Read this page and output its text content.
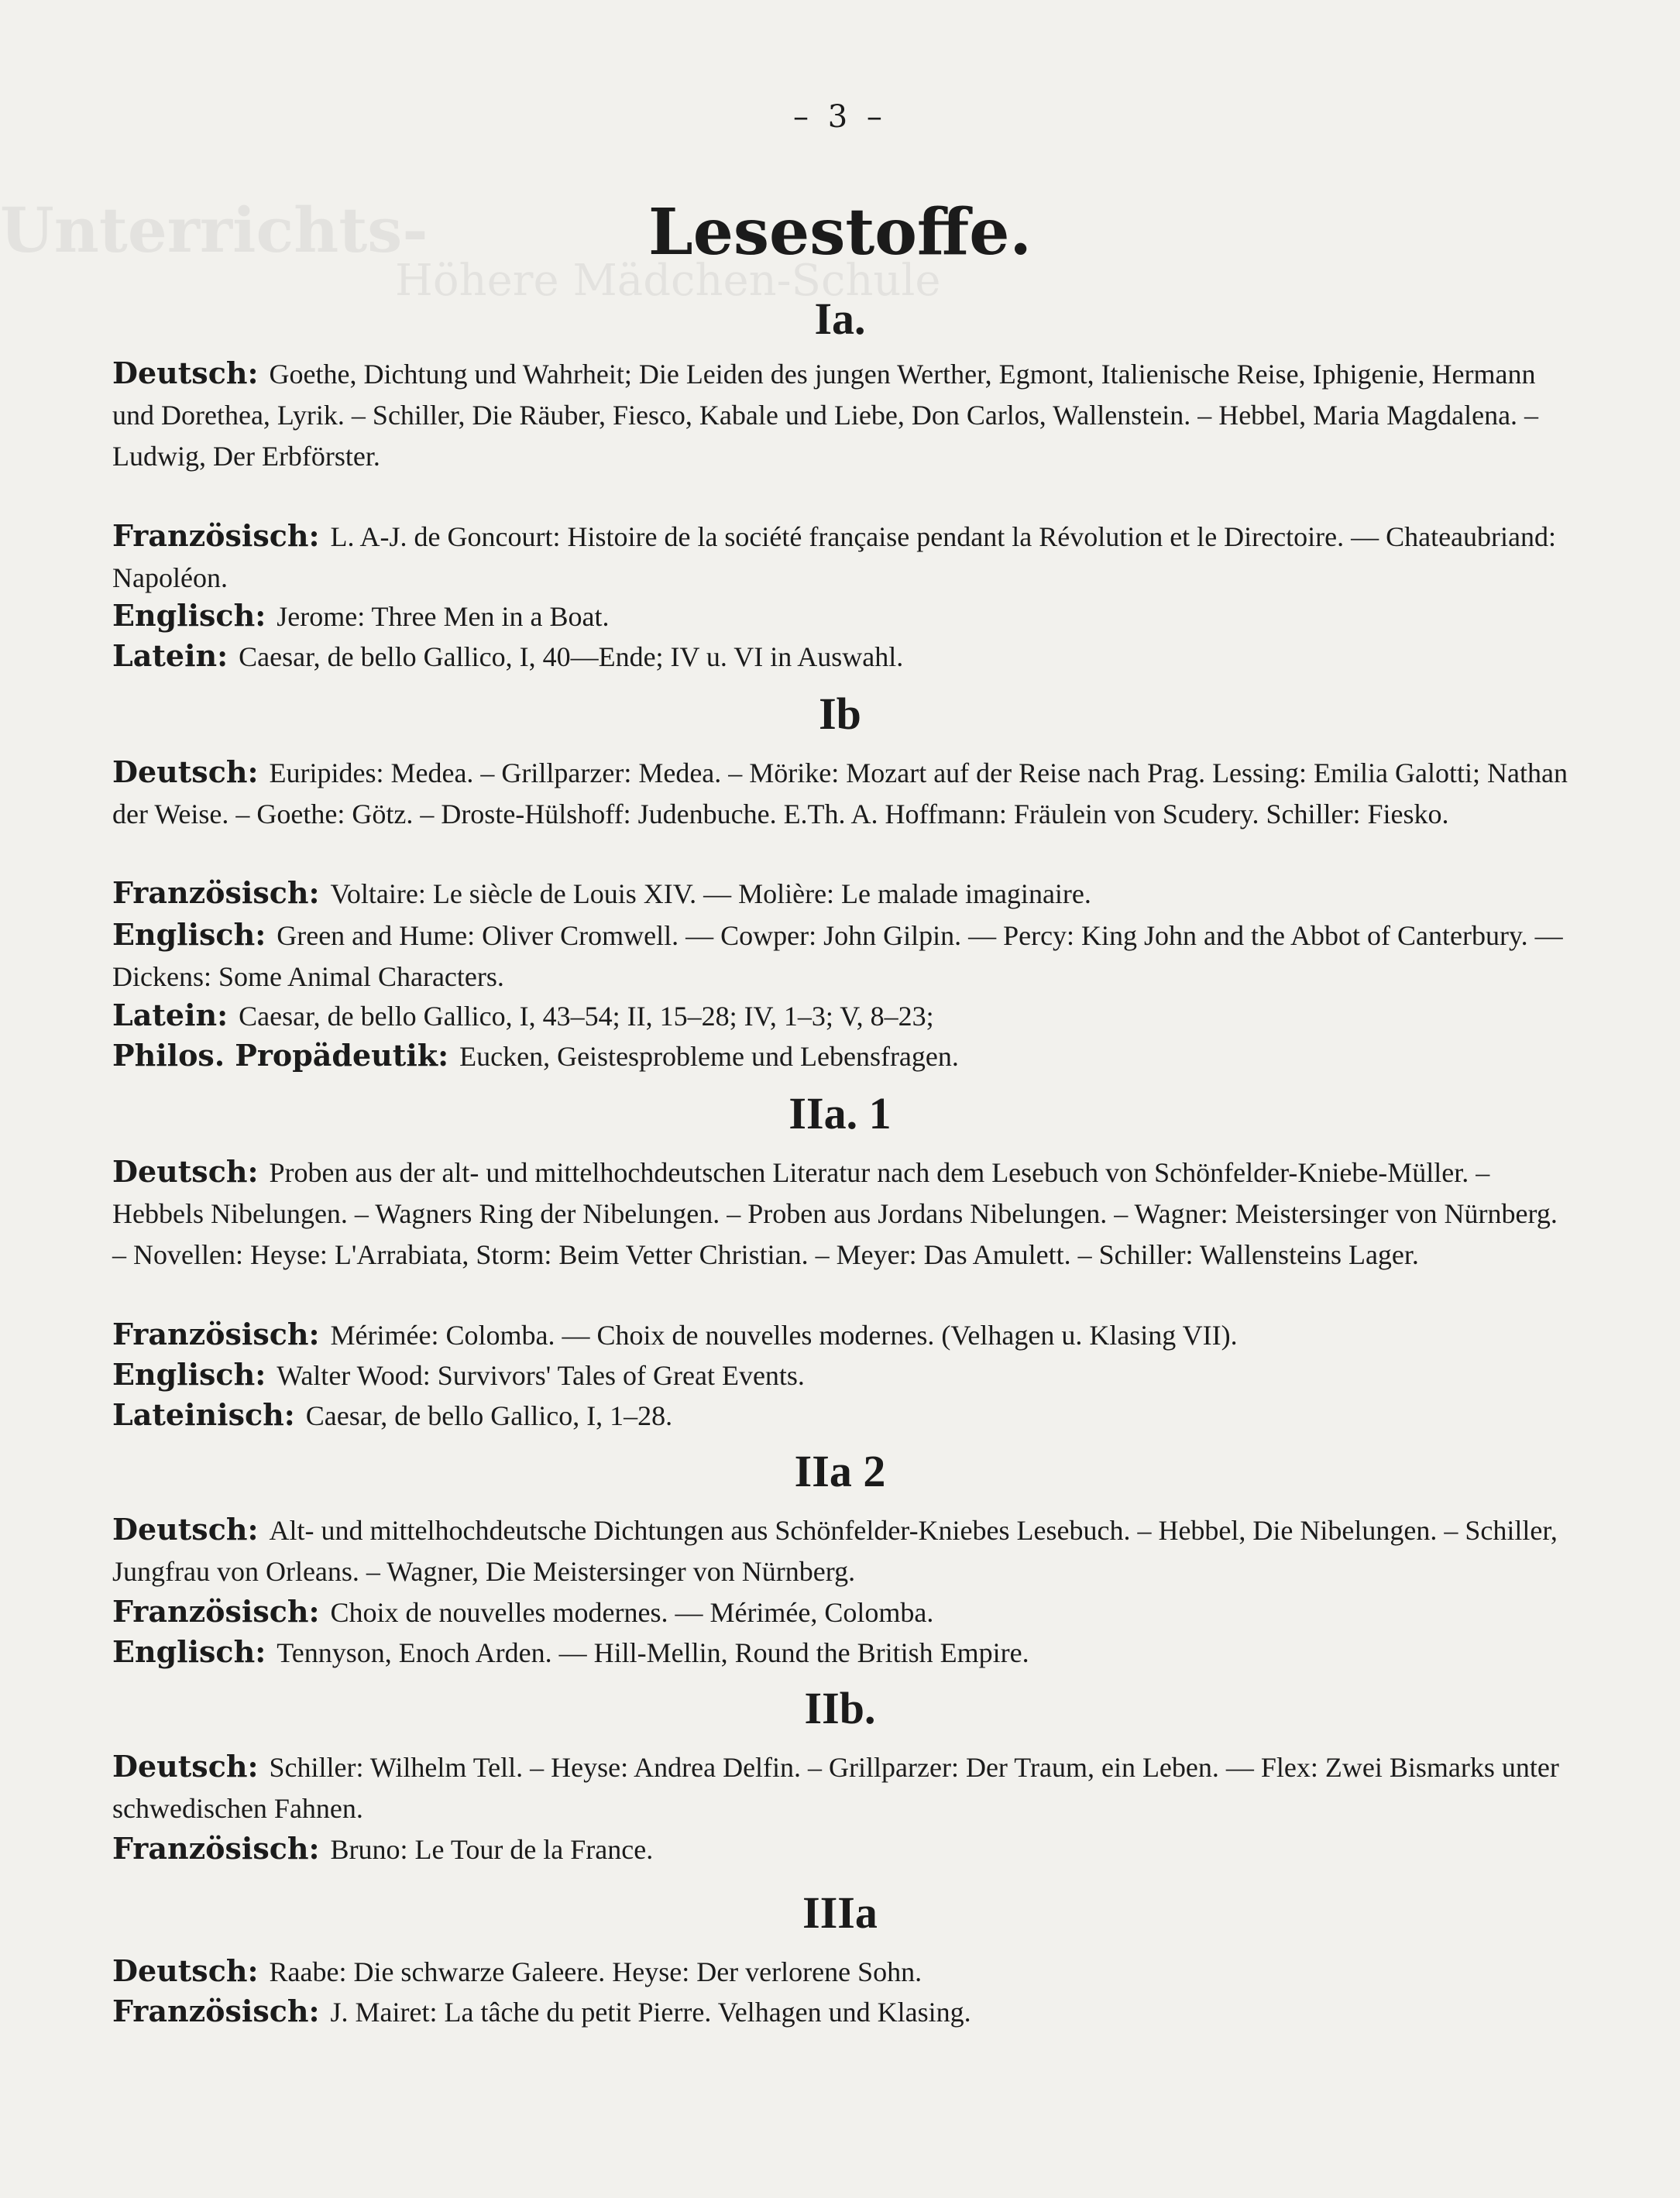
Unterrichts-
Höhere Mädchen-Schule
– 3 –
Lesestoffe.
Ia.
Deutsch: Goethe, Dichtung und Wahrheit; Die Leiden des jungen Werther, Egmont, Italienische Reise, Iphigenie, Hermann und Dorethea, Lyrik. – Schiller, Die Räuber, Fiesco, Kabale und Liebe, Don Carlos, Wallenstein. – Hebbel, Maria Magdalena. – Ludwig, Der Erbförster.
Französisch: L. A-J. de Goncourt: Histoire de la société française pendant la Révolution et le Directoire. — Chateaubriand: Napoléon.
Englisch: Jerome: Three Men in a Boat.
Latein: Caesar, de bello Gallico, I, 40—Ende; IV u. VI in Auswahl.
Ib
Deutsch: Euripides: Medea. – Grillparzer: Medea. – Mörike: Mozart auf der Reise nach Prag. Lessing: Emilia Galotti; Nathan der Weise. – Goethe: Götz. – Droste-Hülshoff: Judenbuche. E.Th. A. Hoffmann: Fräulein von Scudery. Schiller: Fiesko.
Französisch: Voltaire: Le siècle de Louis XIV. — Molière: Le malade imaginaire.
Englisch: Green and Hume: Oliver Cromwell. — Cowper: John Gilpin. — Percy: King John and the Abbot of Canterbury. — Dickens: Some Animal Characters.
Latein: Caesar, de bello Gallico, I, 43–54; II, 15–28; IV, 1–3; V, 8–23;
Philos. Propädeutik: Eucken, Geistesprobleme und Lebensfragen.
IIa. 1
Deutsch: Proben aus der alt- und mittelhochdeutschen Literatur nach dem Lesebuch von Schönfelder-Kniebe-Müller. – Hebbels Nibelungen. – Wagners Ring der Nibelungen. – Proben aus Jordans Nibelungen. – Wagner: Meistersinger von Nürnberg. – Novellen: Heyse: L'Arrabiata, Storm: Beim Vetter Christian. – Meyer: Das Amulett. – Schiller: Wallensteins Lager.
Französisch: Mérimée: Colomba. — Choix de nouvelles modernes. (Velhagen u. Klasing VII).
Englisch: Walter Wood: Survivors' Tales of Great Events.
Lateinisch: Caesar, de bello Gallico, I, 1–28.
IIa 2
Deutsch: Alt- und mittelhochdeutsche Dichtungen aus Schönfelder-Kniebes Lesebuch. – Hebbel, Die Nibelungen. – Schiller, Jungfrau von Orleans. – Wagner, Die Meistersinger von Nürnberg.
Französisch: Choix de nouvelles modernes. — Mérimée, Colomba.
Englisch: Tennyson, Enoch Arden. — Hill-Mellin, Round the British Empire.
IIb.
Deutsch: Schiller: Wilhelm Tell. – Heyse: Andrea Delfin. – Grillparzer: Der Traum, ein Leben. — Flex: Zwei Bismarks unter schwedischen Fahnen.
Französisch: Bruno: Le Tour de la France.
IIIa
Deutsch: Raabe: Die schwarze Galeere. Heyse: Der verlorene Sohn.
Französisch: J. Mairet: La tâche du petit Pierre. Velhagen und Klasing.
